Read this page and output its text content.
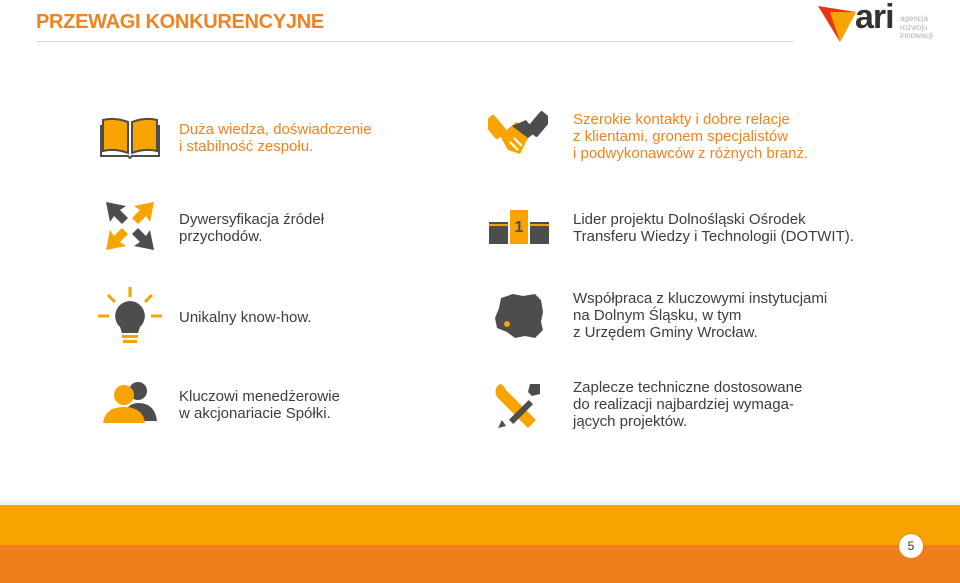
PRZEWAGI KONKURENCYJNE	ari agencja
rozwoju
innowacji
Duża wiedza, doświadczenie
i stabilność zespołu.
Szerokie kontakty i dobre relacje
z klientami, gronem specjalistów
i podwykonawców z różnych branż.
Dywersyfikacja źródeł
przychodów.
1	Lider projektu Dolnośląski Ośrodek
Transferu Wiedzy i Technologii (DOTWIT).
Unikalny know-how.
Współpraca z kluczowymi instytucjami
na Dolnym Śląsku, w tym
z Urzędem Gminy Wrocław.
Kluczowi menedżerowie
w akcjonariacie Spółki.
Zaplecze techniczne dostosowane
do realizacji najbardziej wymaga-
jących projektów.
5
